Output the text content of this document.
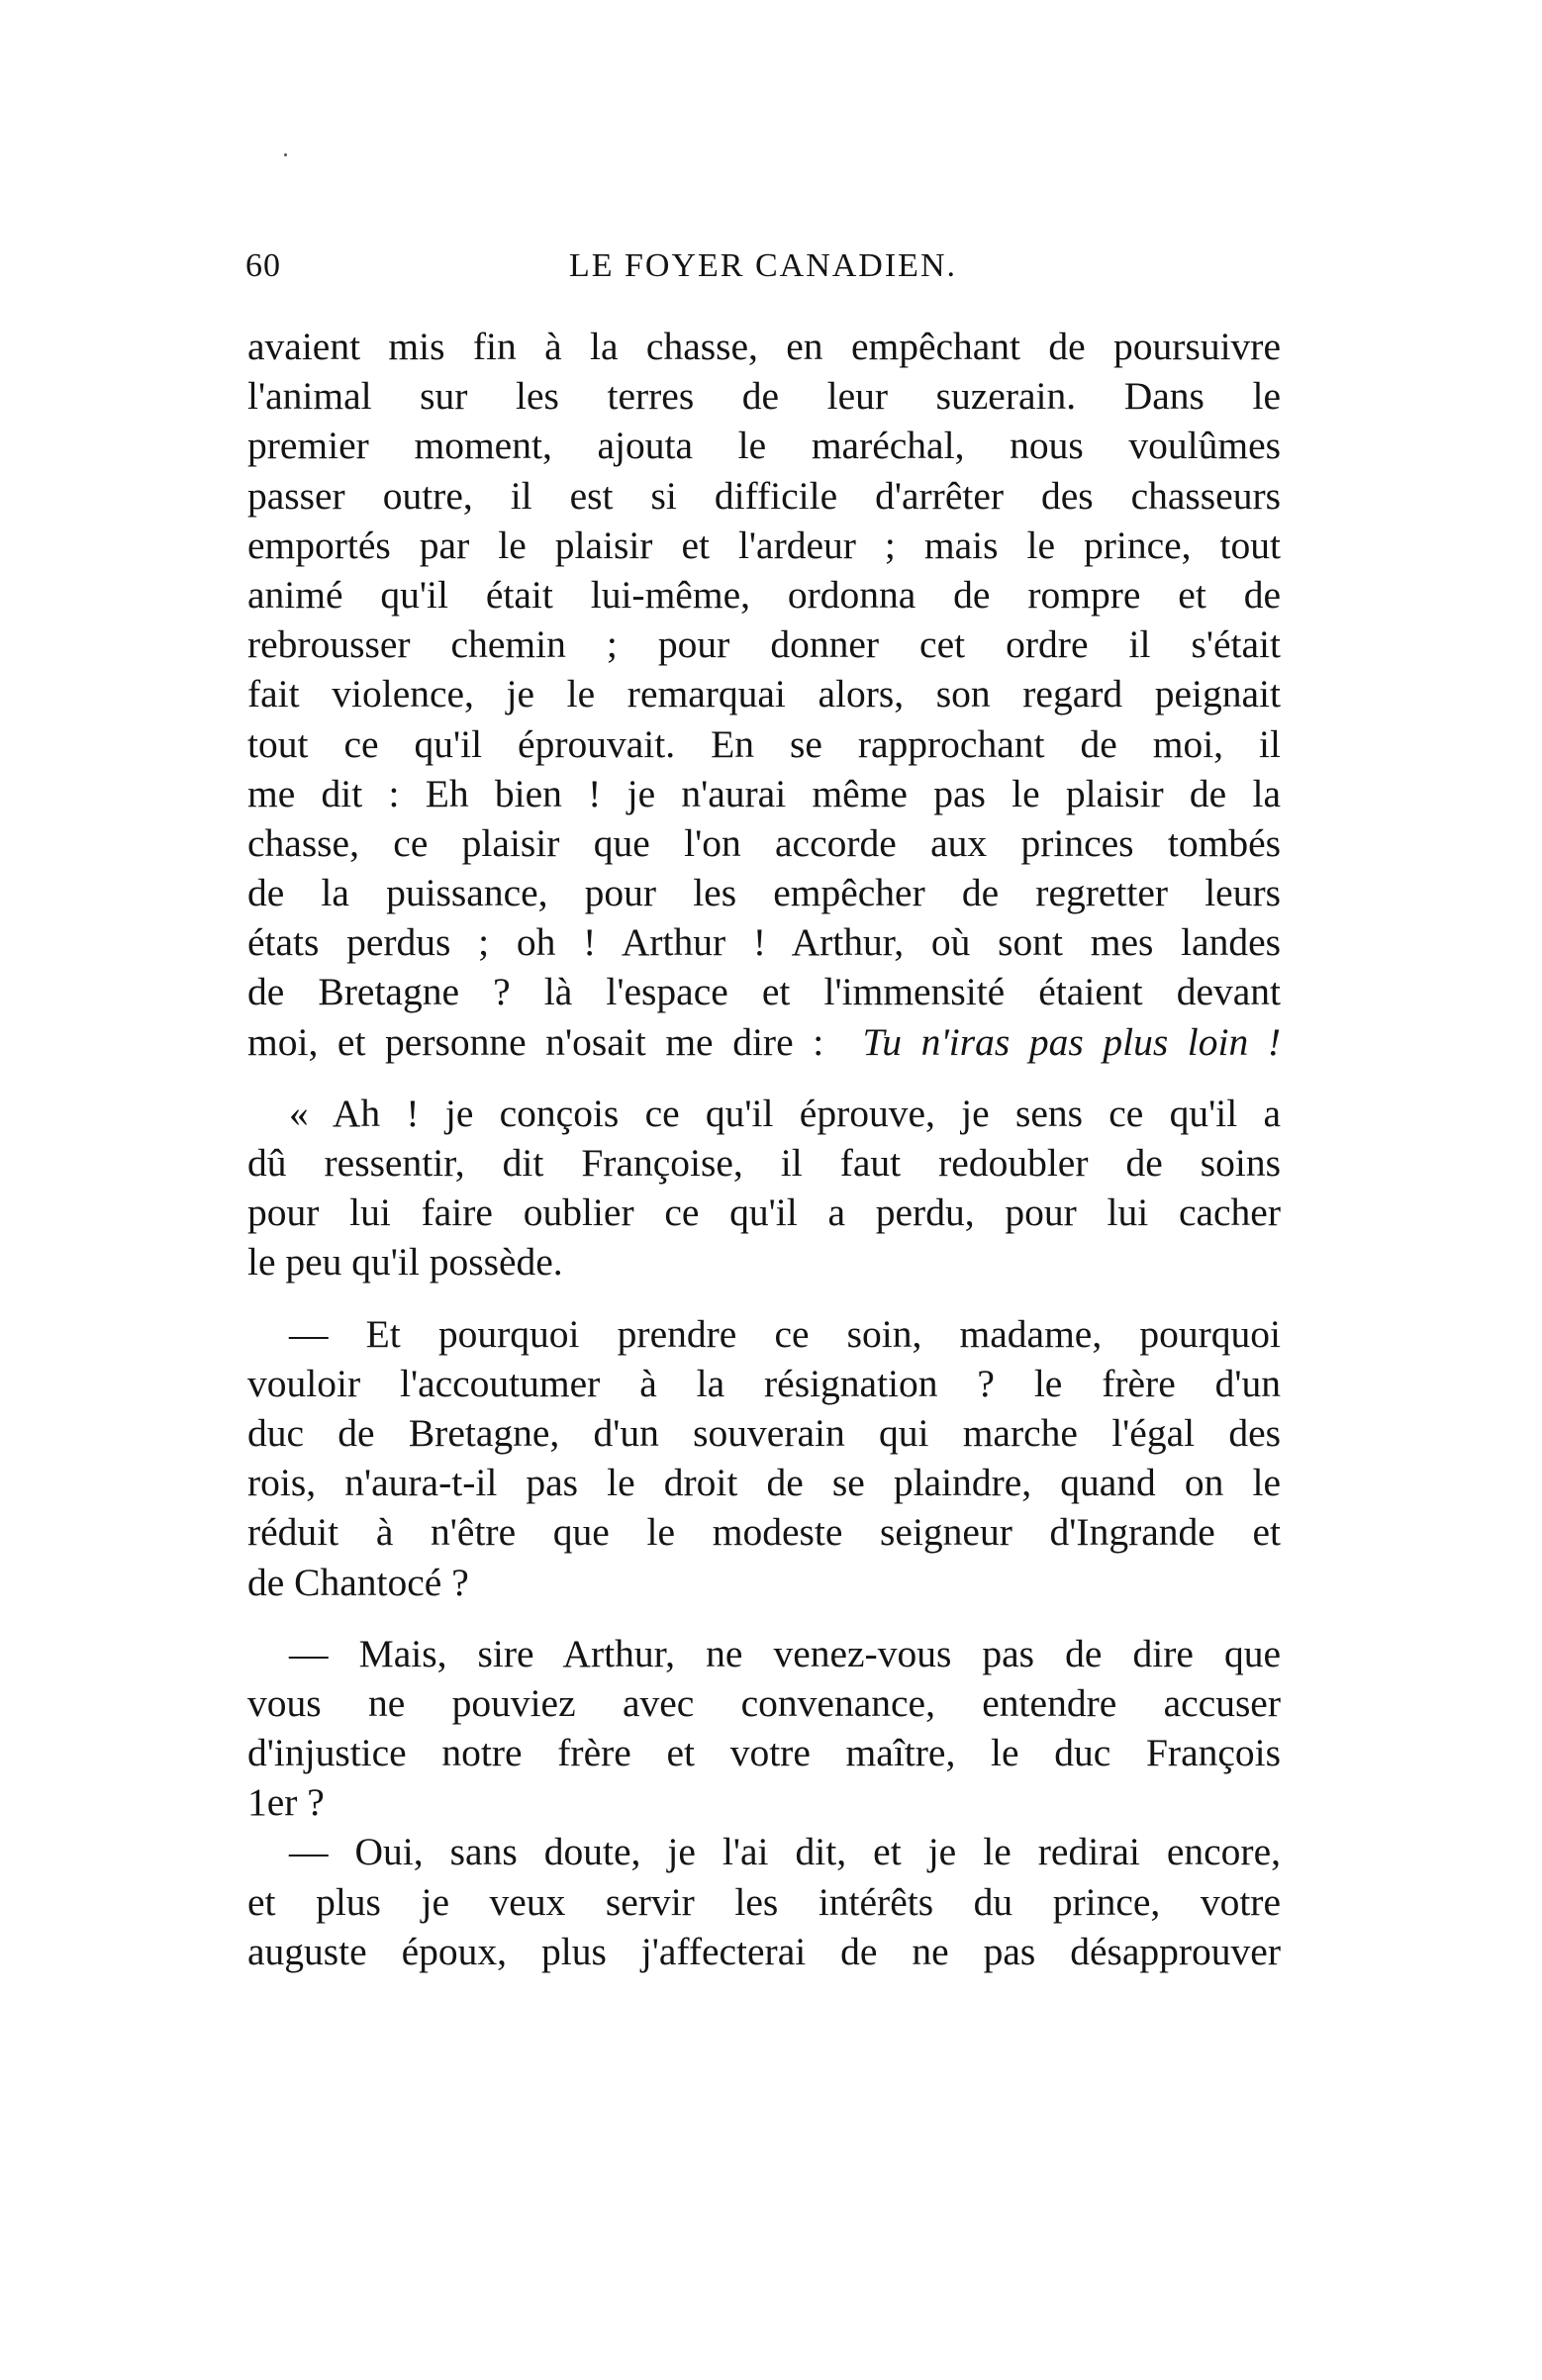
60	LE FOYER CANADIEN.
avaient mis fin à la chasse, en empêchant de poursuivre
l'animal sur les terres de leur suzerain. Dans le
premier moment, ajouta le maréchal, nous voulûmes
passer outre, il est si difficile d'arrêter des chasseurs
emportés par le plaisir et l'ardeur ; mais le prince, tout
animé qu'il était lui-même, ordonna de rompre et de
rebrousser chemin ; pour donner cet ordre il s'était
fait violence, je le remarquai alors, son regard peignait
tout ce qu'il éprouvait. En se rapprochant de moi, il
me dit : Eh bien ! je n'aurai même pas le plaisir de la
chasse, ce plaisir que l'on accorde aux princes tombés
de la puissance, pour les empêcher de regretter leurs
états perdus ; oh ! Arthur ! Arthur, où sont mes landes
de Bretagne ? là l'espace et l'immensité étaient devant
moi, et personne n'osait me dire : Tu n'iras pas plus loin !
« Ah ! je conçois ce qu'il éprouve, je sens ce qu'il a
dû ressentir, dit Françoise, il faut redoubler de soins
pour lui faire oublier ce qu'il a perdu, pour lui cacher
le peu qu'il possède.
— Et pourquoi prendre ce soin, madame, pourquoi
vouloir l'accoutumer à la résignation ? le frère d'un
duc de Bretagne, d'un souverain qui marche l'égal des
rois, n'aura-t-il pas le droit de se plaindre, quand on le
réduit à n'être que le modeste seigneur d'Ingrande et
de Chantocé ?
— Mais, sire Arthur, ne venez-vous pas de dire que
vous ne pouviez avec convenance, entendre accuser
d'injustice notre frère et votre maître, le duc François
1er ?
— Oui, sans doute, je l'ai dit, et je le redirai encore,
et plus je veux servir les intérêts du prince, votre
auguste époux, plus j'affecterai de ne pas désapprouver
